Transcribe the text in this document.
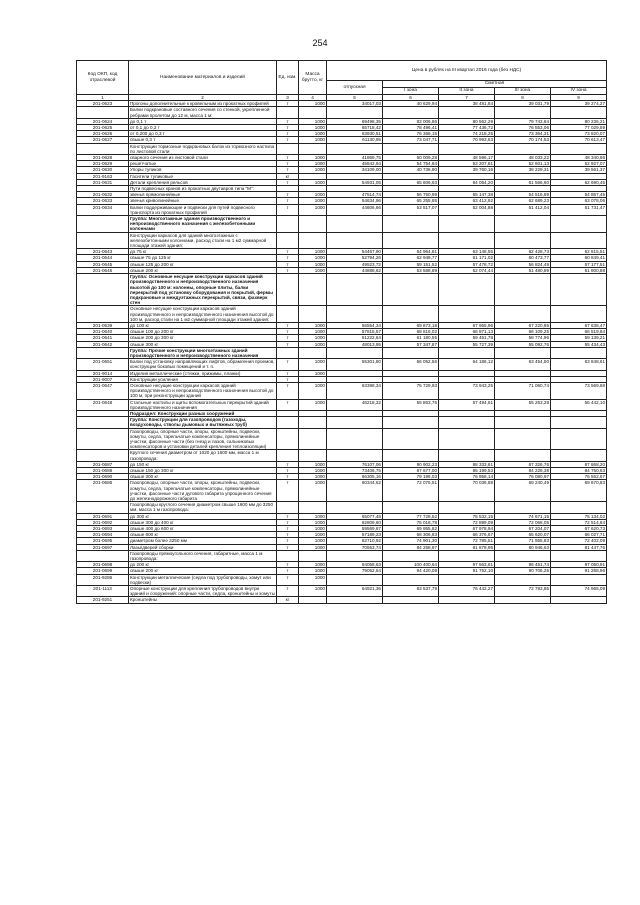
254
Код ОКП, код отраслевой	Наименование материалов и изделий	Ед. изм.	Масса брутто, кг	Цена в рублях на III квартал 2016 года (без НДС)				
				отпускная	Сметная			
					I зона	II зона	III зона	IV зона
1	2	3	4	5	6	7	8	9
201-0623	Прогоны дополнительные к кровельным из прокатных профилей	т	1000	34017,03	40 629,94	38 481,84	39 031,79	39 274,27
	Балки подкрановые составного сечения со стенкой, укрепленной ребрами пролетом до 12 м, масса 1 м:							
201-0624	до 0,1 т	т	1000	69498,35	83 006,86	80 562,29	79 743,84	80 236,21
201-0625	от 0,1 до 0,2 т	т	1000	65718,42	78 496,41	77 436,72	76 553,06	77 029,59
201-0626	от 0,200 до 0,3 т	т	1000	63930,51	76 368,15	74 218,25	73 364,31	73 820,07
201-0627	свыше 0,3 т	т	1000	61130,95	73 047,71	70 993,63	70 174,53	70 613,47
	Конструкции тормозные подкрановых балок из тормозного настила по листовой стали							
201-0628	сварного сечения из листовой стали	т	1000	41869,75	50 009,28	48 596,17	48 033,22	48 340,86
201-0629	решетчатые	т	1000	45842,94	54 754,84	53 207,81	52 601,13	52 927,07
201-0630	Упоры тупиков	т	1000	34109,00	40 736,80	39 760,16	38 229,31	39 561,37
201-9163	Гасители тупиковые	кг						
201-0631	Детали крепления рельсов	т	1000	54931,05	65 606,63	64 054,20	61 566,60	62 690,45
	Пути подвесных кранов из прокатных двутавров типа "М":							
201-0632	звенья прямолинейные	т	1000	47514,74	56 750,99	55 147,38	54 516,89	54 857,45
201-0633	звенья криволинейные	т	1000	54634,96	65 255,85	63 412,92	62 689,23	63 078,06
201-0634	Балки поддерживающие и подвески для путей подвесного транспорта из прокатных профилей	т	1000	44606,66	53 517,07	52 004,88	51 412,04	51 731,47
	Группа: Многоэтажные здания производственного и непроизводственного назначения с железобетонными колоннами							
	Конструкции каркасов для зданий многоэтажных с железобетонными колоннами, расход стали на 1 м2 суммарной площади этажей здания:							
201-0643	до 75 кг	т	1000	54467,90	64 964,81	63 148,55	62 428,73	62 815,51
201-0644	свыше 75 до 125 кг	т	1000	52794,26	62 948,77	61 171,02	60 473,77	60 849,41
201-0645	свыше 125 до 200 кг	т	1000	49523,72	59 151,52	57 478,72	56 824,49	57 177,51
201-0646	свыше 200 кг	т	1000	44888,62	53 588,89	52 074,44	51 480,89	51 800,88
	Группа: Основные несущие конструкции каркасов зданий производственного и непроизводственного назначения высотой до 100 м: колонны, опорные плиты, балки перекрытий под установку оборудования и покрытий, фермы подкрановые и междуэтажных перекрытий, связи, фахверк стен							
	Основные несущие конструкции каркасов зданий производственного и непроизводственного назначения высотой до 100 м, расход стали на 1 м2 суммарной площади этажей здания:							
201-0639	до 100 кг	т	1000	56554,34	69 673,18	67 955,96	67 220,85	67 638,47
201-0640	свыше 100 до 200 кг	т	1000	57815,57	68 816,02	66 871,13	66 109,25	66 519,84
201-0641	свыше 200 до 300 кг	т	1000	51222,64	61 180,55	59 451,78	58 774,96	59 139,21
201-0642	свыше 300 кг	т	1000	48013,95	57 347,87	55 727,39	55 092,76	55 434,43
	Группа: Прочие конструкции многоэтажных зданий производственного и непроизводственного назначения							
201-0651	Балки под установку направляющих лифтов, обрамления проемов, конструкции боковых помещений и т. п.	т	1000	55301,80	66 052,56	64 186,12	63 454,50	63 848,61
201-9014	Изделия металлические (стяжки, прижимы, планки)	т	1000					
201-9007	Конструкции усиления	т						
201-0647	Основные несущие конструкции каркасов зданий производственного и непроизводственного назначения высотой до 100 м, при реконструкции зданий	т	1000	63398,34	75 729,93	73 943,25	71 060,74	73 569,68
201-0648	Стальные настилы и щиты вспомогательных перекрытий зданий производственного назначения	т	1000	46218,32	55 863,76	57 494,61	55 253,28	56 442,10
	Подраздел: Конструкции разных сооружений							
	Группа: Конструкции для газопроводов (газоходы, воздуховоды, стволы дымовых и вытяжных труб)							
	Газопроводы, опорные части, опоры, кронштейны, подвески, хомуты, седла, тарельчатые компенсаторы, прямолинейные участки, фасонные части (без гнезд и лазов, сальниковых компенсаторов и установки деталей крепления теплоизоляции)							
	Круглого сечения диаметром от 1020 до 1600 мм, масса 1 м газопровода:							
201-0687	до 150 кг	т	1000	76107,06	90 902,23	88 333,61	87 326,76	87 868,20
201-0688	свыше 150 до 300 кг	т	1000	73406,75	87 677,00	85 199,53	84 228,38	84 750,63
201-0690	свыше 300 кг	т	1000	66305,16	79 196,03	76 958,14	76 080,97	76 552,67
201-0686	Газопроводы, опорные части, опоры, кронштейны, подвески, хомуты, седла, тарельчатые компенсаторы, прямолинейные участки, фасонные части дугового габарита упрощенного сечения до железнодорожного габарита	т	1000	60344,62	72 075,51	70 038,88	69 240,49	69 670,83
	Газопроводы круглого сечения диаметром свыше 1600 мм до 3250 мм, масса 1 м газопровода:							
201-0691	до 300 кг	т	1000	65077,48	77 728,52	75 532,15	74 671,15	75 134,02
201-0692	свыше 300 до 400 кг	т	1000	62809,60	75 018,78	72 899,09	72 068,05	72 514,84
201-0693	свыше 400 до 600 кг	т	1000	59569,67	69 955,82	67 978,94	67 204,07	67 620,73
201-0694	свыше 600 кг	т	1000	57189,23	68 306,83	66 376,67	65 620,07	66 027,71
201-0695	диаметром более 3250 мм	т	1000	62710,92	74 901,30	72 785,51	71 955,83	72 402,09
201-0697	Лазы/дверей сборки	т	1000	70553,74	84 258,87	81 878,95	80 946,63	81 447,76
	Газопроводы прямоугольного сечения, габаритные, масса 1 м газопровода:							
201-0698	до 200 кг	т	1000	84058,63	100 400,64	97 563,61	96 451,74	97 050,91
201-0699	свыше 200 кг	т	1000	79052,54	94 420,09	91 752,10	90 706,25	91 268,96
201-9286	Конструкции металлические (седла под трубопроводы, хомут или подвески)	т	1000					
201-1113	Опорные конструкции для крепления трубопроводов внутри зданий и сооружений: опорные части, седла, кронштейны и хомуты	т	1000	64921,36	83 537,79	76 442,27	72 783,85	74 965,09
201-9251	Кронштейны	кг						
